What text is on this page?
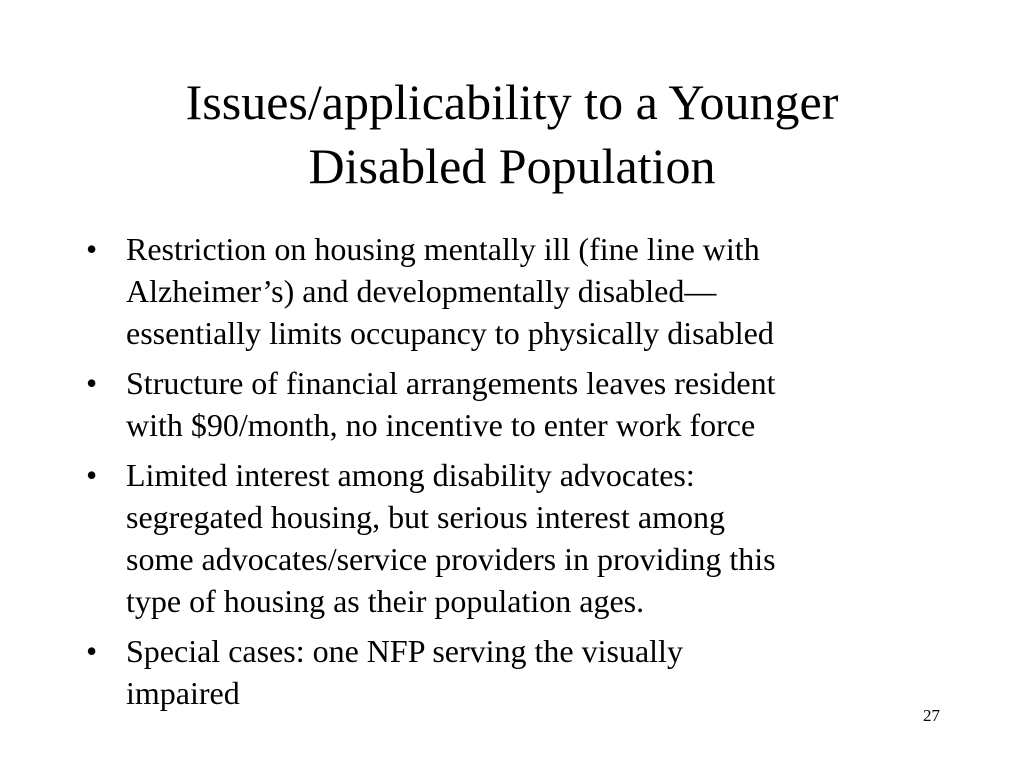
Issues/applicability to a Younger
Disabled Population
• Restriction on housing mentally ill (fine line with
Alzheimer’s) and developmentally disabled—
essentially limits occupancy to physically disabled
• Structure of financial arrangements leaves resident
with $90/month, no incentive to enter work force
• Limited interest among disability advocates:
segregated housing, but serious interest among
some advocates/service providers in providing this
type of housing as their population ages.
• Special cases: one NFP serving the visually
impaired
27
